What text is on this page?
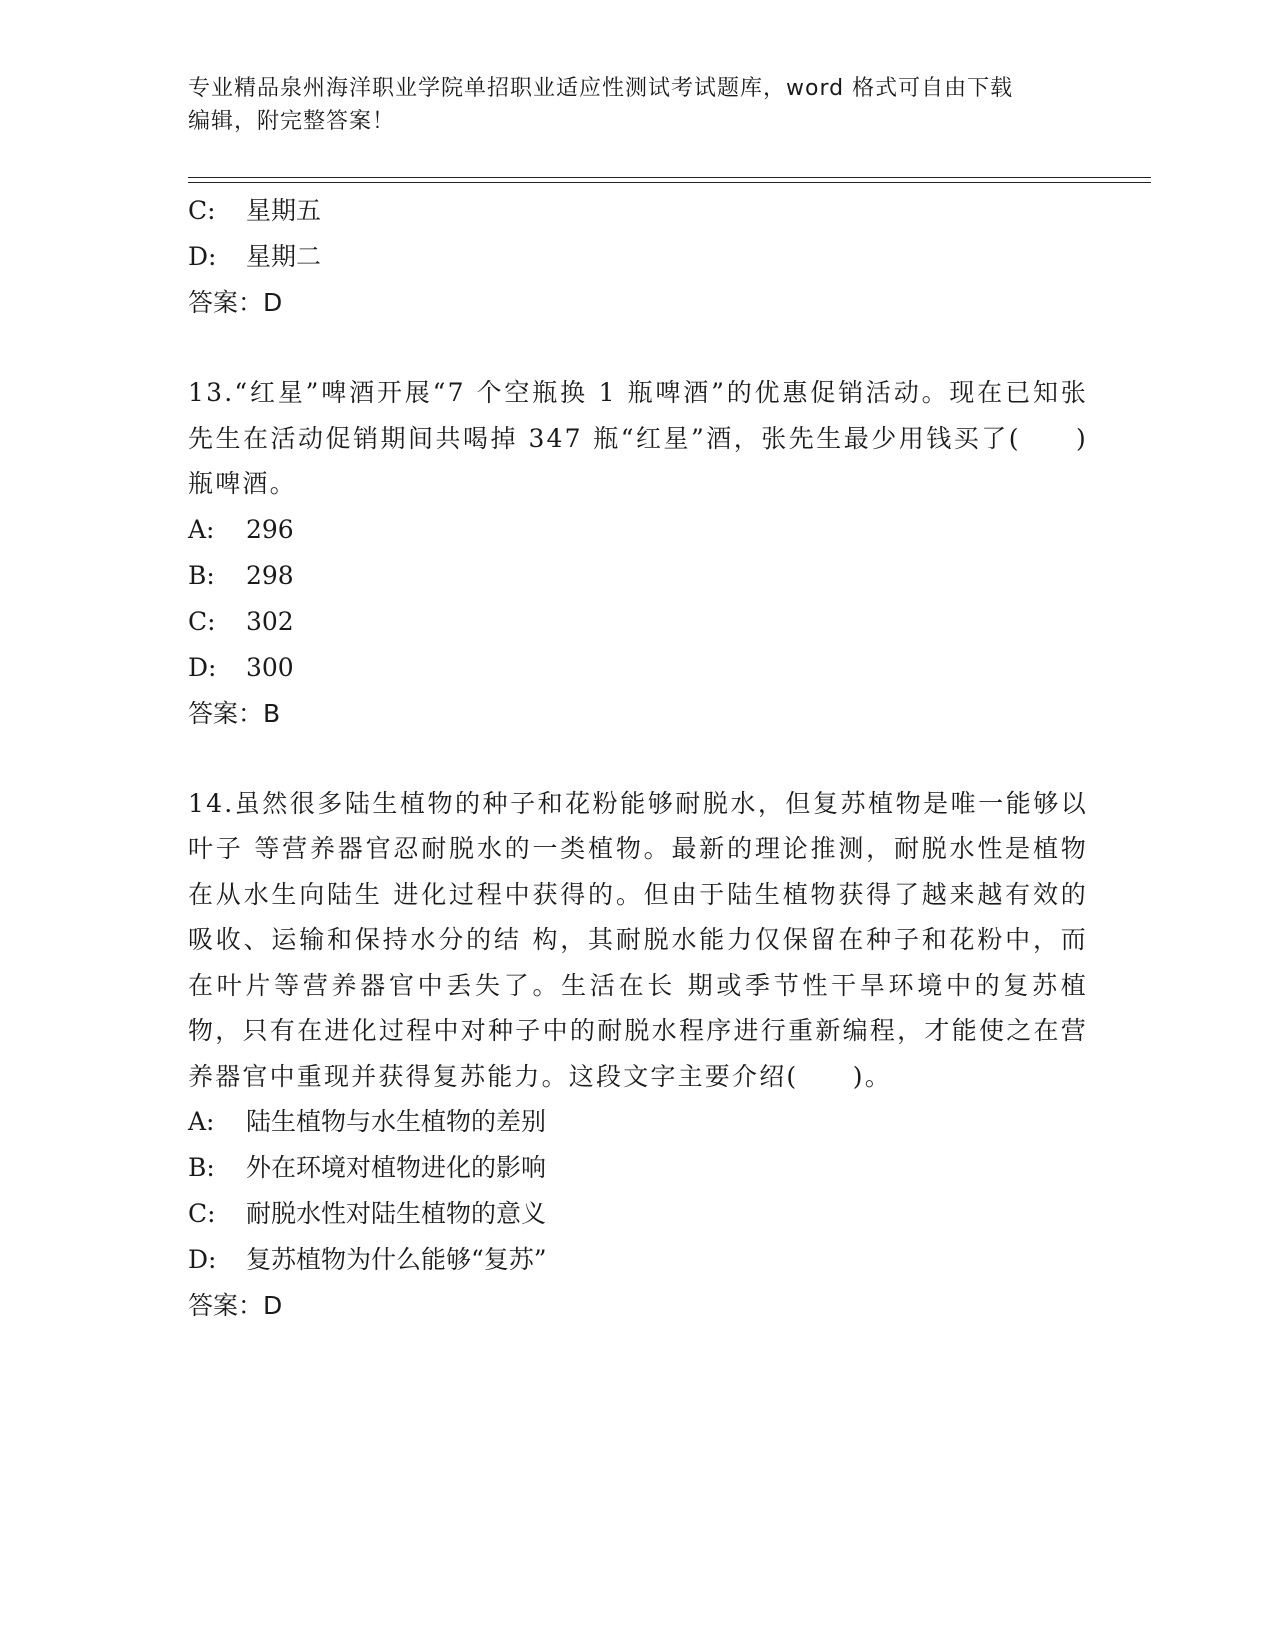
专业精品泉州海洋职业学院单招职业适应性测试考试题库，word 格式可自由下载
编辑，附完整答案！
C: 星期五
D: 星期二
答案：D
13.“红星”啤酒开展“7 个空瓶换 1 瓶啤酒”的优惠促销活动。现在已知张先生在活动促销期间共喝掉 347 瓶“红星”酒，张先生最少用钱买了(　　)瓶啤酒。
A: 296
B: 298
C: 302
D: 300
答案：B
14.虽然很多陆生植物的种子和花粉能够耐脱水，但复苏植物是唯一能够以叶子 等营养器官忍耐脱水的一类植物。最新的理论推测，耐脱水性是植物在从水生向陆生 进化过程中获得的。但由于陆生植物获得了越来越有效的吸收、运输和保持水分的结 构，其耐脱水能力仅保留在种子和花粉中，而在叶片等营养器官中丢失了。生活在长 期或季节性干旱环境中的复苏植物，只有在进化过程中对种子中的耐脱水程序进行重新编程，才能使之在营养器官中重现并获得复苏能力。这段文字主要介绍(　　)。
A: 陆生植物与水生植物的差别
B: 外在环境对植物进化的影响
C: 耐脱水性对陆生植物的意义
D: 复苏植物为什么能够“复苏”
答案：D
